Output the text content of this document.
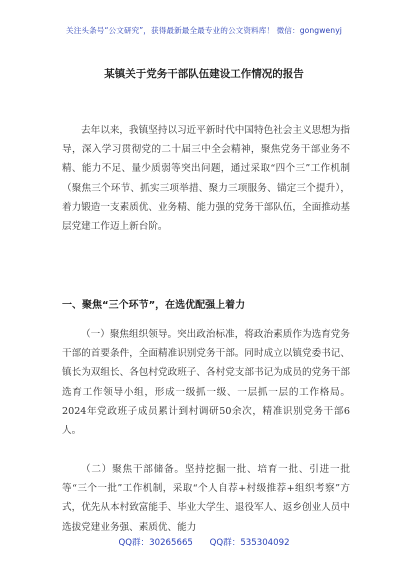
关注头条号“公文研究”，获得最新最全最专业的公文资料库！ 微信：gongwenyj
某镇关于党务干部队伍建设工作情况的报告

去年以来，我镇坚持以习近平新时代中国特色社会主义思想为指导，深入学习贯彻党的二十届三中全会精神，聚焦党务干部业务不精、能力不足、量少质弱等突出问题，通过采取“四个三”工作机制（聚焦三个环节、抓实三项举措、聚力三项服务、锚定三个提升），着力锻造一支素质优、业务精、能力强的党务干部队伍，全面推动基层党建工作迈上新台阶。

一、聚焦“三个环节”，在选优配强上着力

（一）聚焦组织领导。突出政治标准，将政治素质作为选育党务干部的首要条件，全面精准识别党务干部。同时成立以镇党委书记、镇长为双组长、各包村党政班子、各村党支部书记为成员的党务干部选育工作领导小组，形成一级抓一级、一层抓一层的工作格局。2024年党政班子成员累计到村调研50余次，精准识别党务干部6人。

（二）聚焦干部储备。坚持挖掘一批、培育一批、引进一批等“三个一批”工作机制，采取“个人自荐+村级推荐+组织考察”方式，优先从本村致富能手、毕业大学生、退役军人、返乡创业人员中选拔党建业务强、素质优、能力

QQ群：30265665 QQ群：535304092
